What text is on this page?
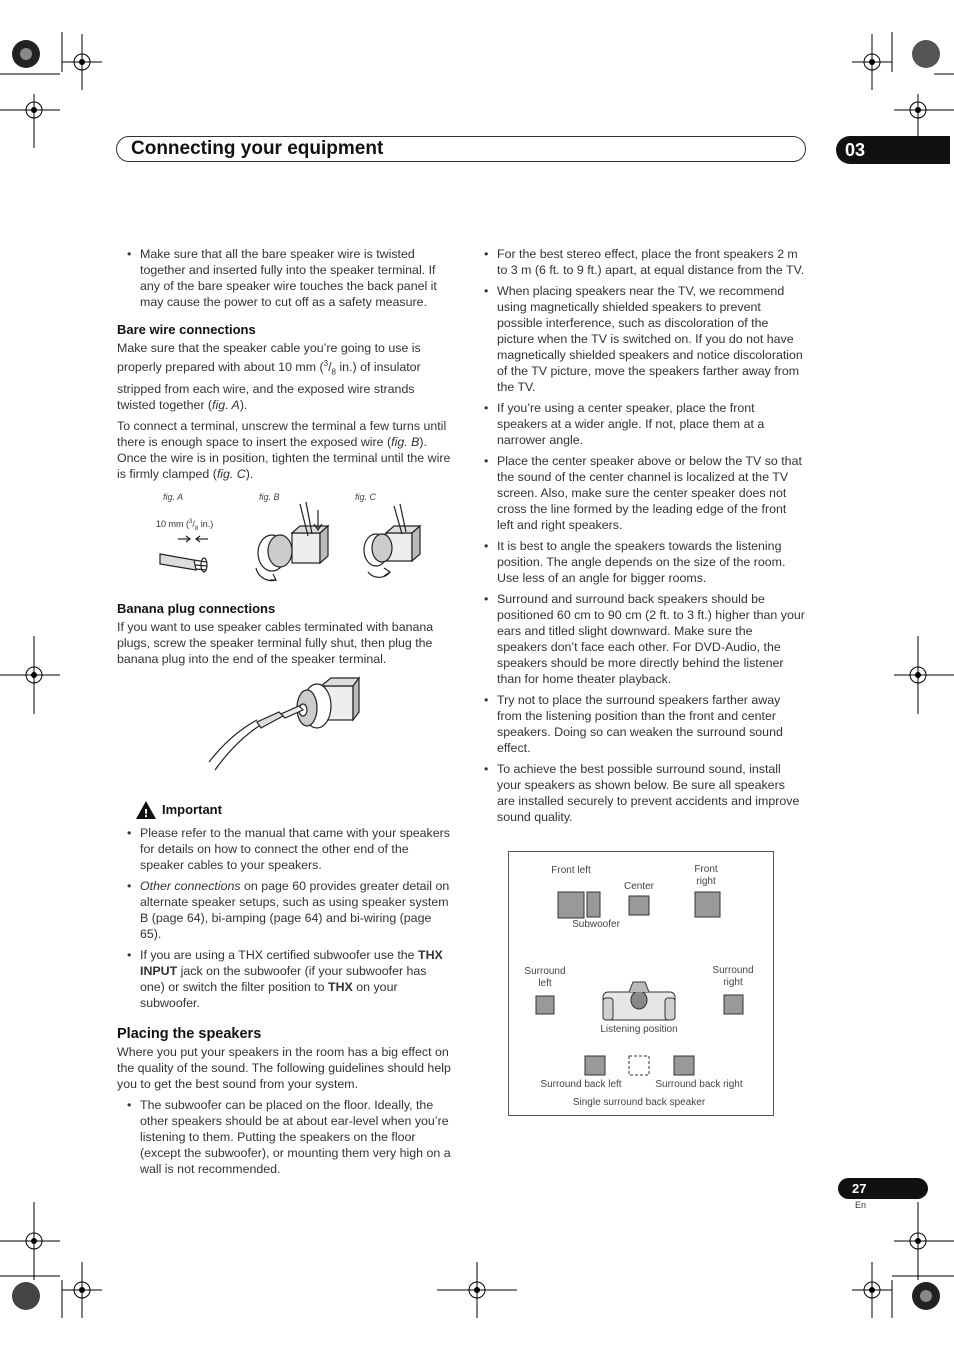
Connecting your equipment	03
• Make sure that all the bare speaker wire is twisted together and inserted fully into the speaker terminal. If any of the bare speaker wire touches the back panel it may cause the power to cut off as a safety measure.
Bare wire connections

Make sure that the speaker cable you’re going to use is properly prepared with about 10 mm ($^3/_8$ in.) of insulator stripped from each wire, and the exposed wire strands twisted together (fig. A).

To connect a terminal, unscrew the terminal a few turns until there is enough space to insert the exposed wire (fig. B). Once the wire is in position, tighten the terminal until the wire is firmly clamped (fig. C).

Banana plug connections

If you want to use speaker cables terminated with banana plugs, screw the speaker terminal fully shut, then plug the banana plug into the end of the speaker terminal.

! Important
• Please refer to the manual that came with your speakers for details on how to connect the other end of the speaker cables to your speakers.
• Other connections on page 60 provides greater detail on alternate speaker setups, such as using speaker system B (page 64), bi-amping (page 64) and bi-wiring (page 65).
• If you are using a THX certified subwoofer use the THX INPUT jack on the subwoofer (if your subwoofer has one) or switch the filter position to THX on your subwoofer.
Placing the speakers

Where you put your speakers in the room has a big effect on the quality of the sound. The following guidelines should help you to get the best sound from your system.

• The subwoofer can be placed on the floor. Ideally, the other speakers should be at about ear-level when you’re listening to them. Putting the speakers on the floor (except the subwoofer), or mounting them very high on a wall is not recommended.
fig. A	fig. B	fig. C
10 mm ($^3/_8$ in.)
• For the best stereo effect, place the front speakers 2 m to 3 m (6 ft. to 9 ft.) apart, at equal distance from the TV.
• When placing speakers near the TV, we recommend using magnetically shielded speakers to prevent possible interference, such as discoloration of the picture when the TV is switched on. If you do not have magnetically shielded speakers and notice discoloration of the TV picture, move the speakers farther away from the TV.
• If you’re using a center speaker, place the front speakers at a wider angle. If not, place them at a narrower angle.
• Place the center speaker above or below the TV so that the sound of the center channel is localized at the TV screen. Also, make sure the center speaker does not cross the line formed by the leading edge of the front left and right speakers.
• It is best to angle the speakers towards the listening position. The angle depends on the size of the room. Use less of an angle for bigger rooms.
• Surround and surround back speakers should be positioned 60 cm to 90 cm (2 ft. to 3 ft.) higher than your ears and titled slight downward. Make sure the speakers don’t face each other. For DVD-Audio, the speakers should be more directly behind the listener than for home theater playback.
• Try not to place the surround speakers farther away from the listening position than the front and center speakers. Doing so can weaken the surround sound effect.
• To achieve the best possible surround sound, install your speakers as shown below. Be sure all speakers are installed securely to prevent accidents and improve sound quality.
Front left
Center
Front right
Subwoofer
Surround left
Surround right
Listening position
Surround back left	Surround back right
Single surround back speaker
27
En
